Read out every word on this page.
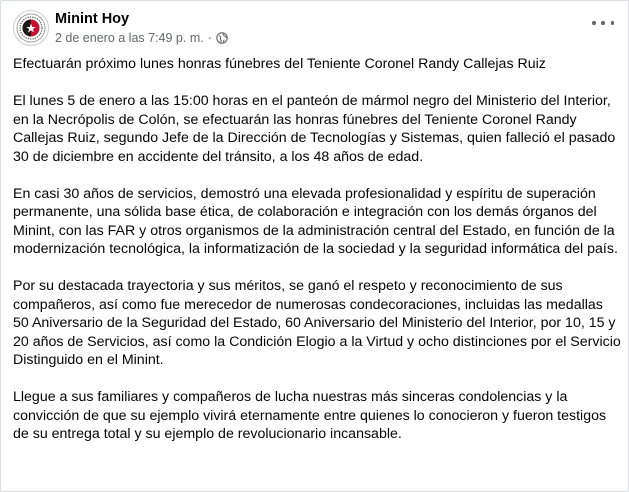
Minint Hoy
2 de enero a las 7:49 p. m. ·

Efectuarán próximo lunes honras fúnebres del Teniente Coronel Randy Callejas Ruiz

El lunes 5 de enero a las 15:00 horas en el panteón de mármol negro del Ministerio del Interior, en la Necrópolis de Colón, se efectuarán las honras fúnebres del Teniente Coronel Randy Callejas Ruiz, segundo Jefe de la Dirección de Tecnologías y Sistemas, quien falleció el pasado 30 de diciembre en accidente del tránsito, a los 48 años de edad.

En casi 30 años de servicios, demostró una elevada profesionalidad y espíritu de superación permanente, una sólida base ética, de colaboración e integración con los demás órganos del Minint, con las FAR y otros organismos de la administración central del Estado, en función de la modernización tecnológica, la informatización de la sociedad y la seguridad informática del país.

Por su destacada trayectoria y sus méritos, se ganó el respeto y reconocimiento de sus compañeros, así como fue merecedor de numerosas condecoraciones, incluidas las medallas 50 Aniversario de la Seguridad del Estado, 60 Aniversario del Ministerio del Interior, por 10, 15 y 20 años de Servicios, así como la Condición Elogio a la Virtud y ocho distinciones por el Servicio Distinguido en el Minint.

Llegue a sus familiares y compañeros de lucha nuestras más sinceras condolencias y la convicción de que su ejemplo vivirá eternamente entre quienes lo conocieron y fueron testigos de su entrega total y su ejemplo de revolucionario incansable.
